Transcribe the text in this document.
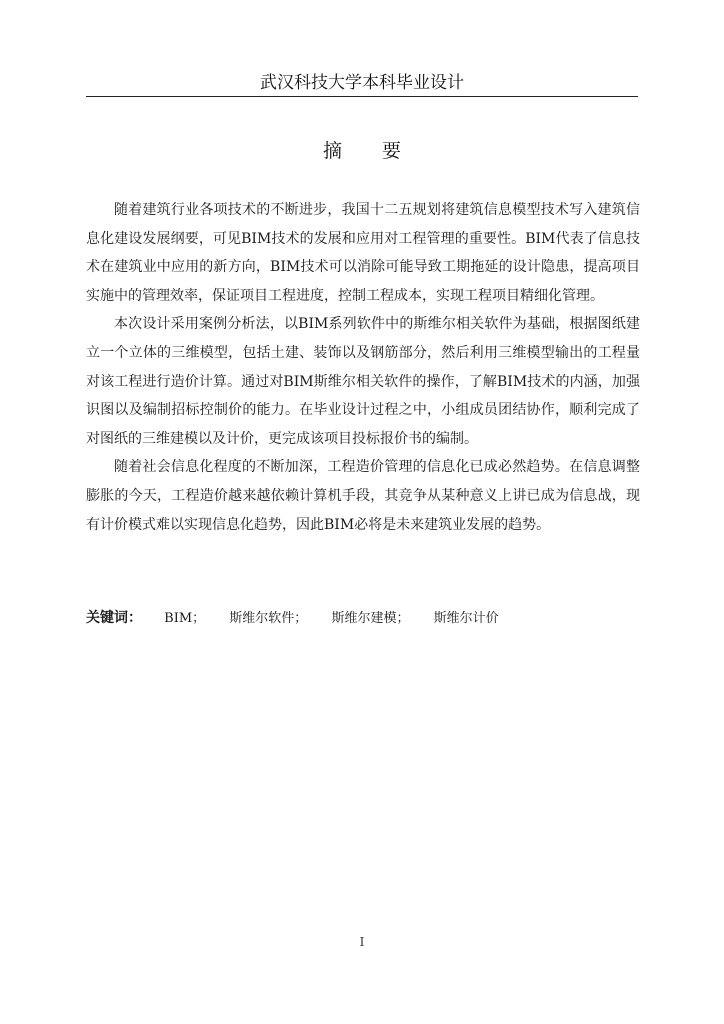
武汉科技大学本科毕业设计
摘要

随着建筑行业各项技术的不断进步，我国十二五规划将建筑信息模型技术写入建筑信息化建设发展纲要，可见BIM技术的发展和应用对工程管理的重要性。BIM代表了信息技术在建筑业中应用的新方向，BIM技术可以消除可能导致工期拖延的设计隐患，提高项目实施中的管理效率，保证项目工程进度，控制工程成本，实现工程项目精细化管理。

本次设计采用案例分析法，以BIM系列软件中的斯维尔相关软件为基础，根据图纸建立一个立体的三维模型，包括土建、装饰以及钢筋部分，然后利用三维模型输出的工程量对该工程进行造价计算。通过对BIM斯维尔相关软件的操作，了解BIM技术的内涵，加强识图以及编制招标控制价的能力。在毕业设计过程之中，小组成员团结协作，顺利完成了对图纸的三维建模以及计价，更完成该项目投标报价书的编制。

随着社会信息化程度的不断加深，工程造价管理的信息化已成必然趋势。在信息调整膨胀的今天，工程造价越来越依赖计算机手段，其竞争从某种意义上讲已成为信息战，现有计价模式难以实现信息化趋势，因此BIM必将是未来建筑业发展的趋势。

关键词： BIM； 斯维尔软件； 斯维尔建模； 斯维尔计价
I
